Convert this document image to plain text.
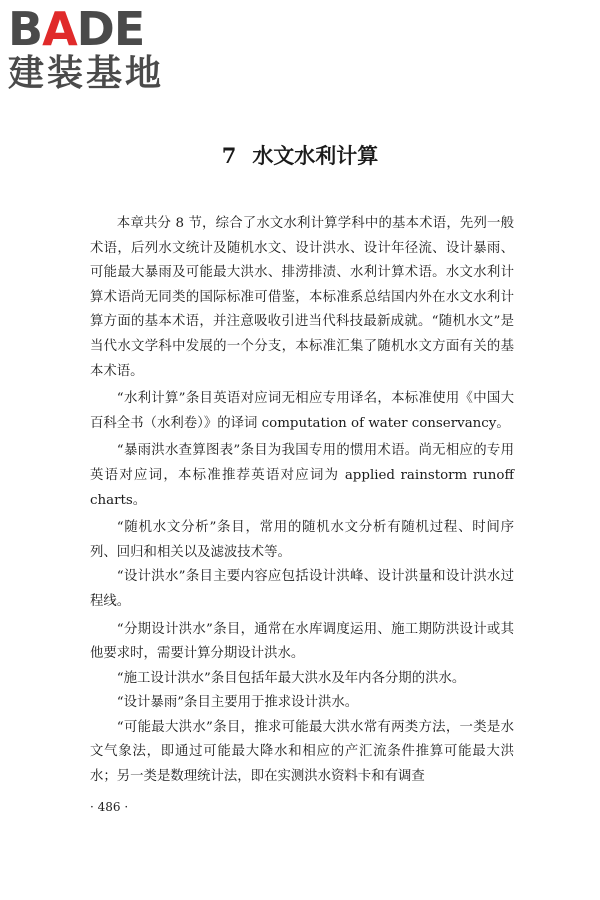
BADE
建装基地
7 水文水利计算

本章共分 8 节，综合了水文水利计算学科中的基本术语，先列一般术语，后列水文统计及随机水文、设计洪水、设计年径流、设计暴雨、可能最大暴雨及可能最大洪水、排涝排渍、水利计算术语。水文水利计算术语尚无同类的国际标准可借鉴，本标准系总结国内外在水文水利计算方面的基本术语，并注意吸收引进当代科技最新成就。“随机水文”是当代水文学科中发展的一个分支，本标准汇集了随机水文方面有关的基本术语。

“水利计算”条目英语对应词无相应专用译名，本标准使用《中国大百科全书（水利卷）》的译词 computation of water conservancy。

“暴雨洪水查算图表”条目为我国专用的惯用术语。尚无相应的专用英语对应词，本标准推荐英语对应词为 applied rainstorm runoff charts。

“随机水文分析”条目，常用的随机水文分析有随机过程、时间序列、回归和相关以及滤波技术等。

“设计洪水”条目主要内容应包括设计洪峰、设计洪量和设计洪水过程线。

“分期设计洪水”条目，通常在水库调度运用、施工期防洪设计或其他要求时，需要计算分期设计洪水。

“施工设计洪水”条目包括年最大洪水及年内各分期的洪水。

“设计暴雨”条目主要用于推求设计洪水。

“可能最大洪水”条目，推求可能最大洪水常有两类方法，一类是水文气象法，即通过可能最大降水和相应的产汇流条件推算可能最大洪水；另一类是数理统计法，即在实测洪水资料卡和有调查

· 486 ·
